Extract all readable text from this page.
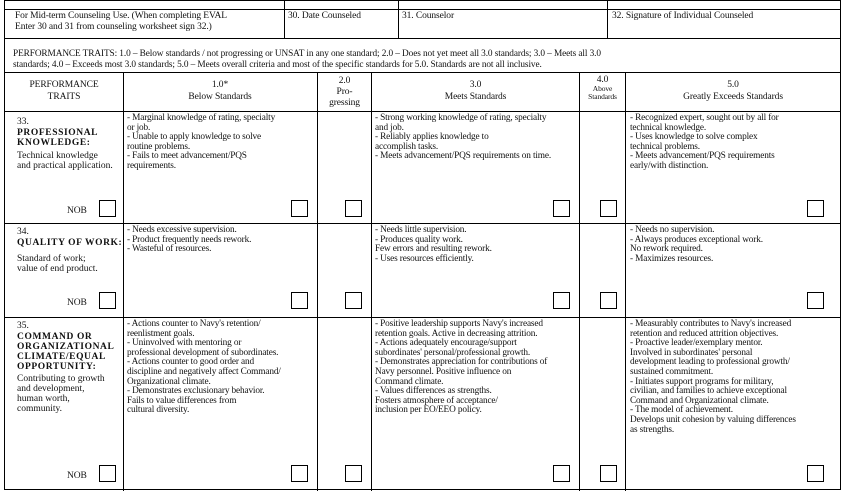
For Mid-term Counseling Use. (When completing EVAL
Enter 30 and 31 from counseling worksheet sign 32.)
30. Date Counseled	31. Counselor	32. Signature of Individual Counseled
PERFORMANCE TRAITS: 1.0 – Below standards / not progressing or UNSAT in any one standard; 2.0 – Does not yet meet all 3.0 standards; 3.0 – Meets all 3.0
standards; 4.0 – Exceeds most 3.0 standards; 5.0 – Meets overall criteria and most of the specific standards for 5.0. Standards are not all inclusive.
PERFORMANCE
TRAITS
1.0*
Below Standards
2.0
Pro-
gressing
3.0
Meets Standards
4.0
Above
Standards
5.0
Greatly Exceeds Standards
33.
PROFESSIONAL
KNOWLEDGE:
Technical knowledge
and practical application.
NOB
- Marginal knowledge of rating, specialty
or job.
- Unable to apply knowledge to solve
routine problems.
- Fails to meet advancement/PQS
requirements.
- Strong working knowledge of rating, specialty
and job.
- Reliably applies knowledge to
accomplish tasks.
- Meets advancement/PQS requirements on time.
- Recognized expert, sought out by all for
technical knowledge.
- Uses knowledge to solve complex
technical problems.
- Meets advancement/PQS requirements
early/with distinction.
34.
QUALITY OF WORK:
Standard of work;
value of end product.
NOB
- Needs excessive supervision.
- Product frequently needs rework.
- Wasteful of resources.
- Needs little supervision.
- Produces quality work.
Few errors and resulting rework.
- Uses resources efficiently.
- Needs no supervision.
- Always produces exceptional work.
No rework required.
- Maximizes resources.
35.
COMMAND OR
ORGANIZATIONAL
CLIMATE/EQUAL
OPPORTUNITY:
Contributing to growth
and development,
human worth,
community.
NOB
- Actions counter to Navy's retention/
reenlistment goals.
- Uninvolved with mentoring or
professional development of subordinates.
- Actions counter to good order and
discipline and negatively affect Command/
Organizational climate.
- Demonstrates exclusionary behavior.
Fails to value differences from
cultural diversity.
- Positive leadership supports Navy's increased
retention goals. Active in decreasing attrition.
- Actions adequately encourage/support
subordinates' personal/professional growth.
- Demonstrates appreciation for contributions of
Navy personnel. Positive influence on
Command climate.
- Values differences as strengths.
Fosters atmosphere of acceptance/
inclusion per EO/EEO policy.
- Measurably contributes to Navy's increased
retention and reduced attrition objectives.
- Proactive leader/exemplary mentor.
Involved in subordinates' personal
development leading to professional growth/
sustained commitment.
- Initiates support programs for military,
civilian, and families to achieve exceptional
Command and Organizational climate.
- The model of achievement.
Develops unit cohesion by valuing differences
as strengths.
